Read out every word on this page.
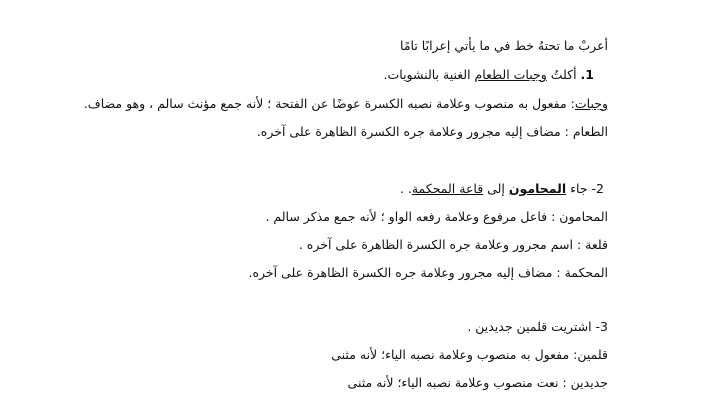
أعربْ ما تحتهُ خط في ما يأتي إعرابًا تامًا
1. أكلتُ وجبات الطعام الغنية بالنشويات.
وجبات: مفعول به منصوب وعلامة نصبه الكسرة عوضًا عن الفتحة ؛ لأنه جمع مؤنث سالم ، وهو مضاف.
الطعام : مضاف إليه مجرور وعلامة جره الكسرة الظاهرة على آخره.
2- جاء المحامون إلى قاعة المحكمة. .
المحامون : فاعل مرفوع وعلامة رفعه الواو ؛ لأنه جمع مذكر سالم .
قلعة : اسم مجرور وعلامة جره الكسرة الظاهرة على آخره .
المحكمة : مضاف إليه مجرور وعلامة جره الكسرة الظاهرة على آخره.
3- اشتريت قلمين جديدين .
قلمين: مفعول به منصوب وعلامة نصبه الياء؛ لأنه مثنى
جديدين : نعت منصوب وعلامة نصبه الياء؛ لأنه مثنى
